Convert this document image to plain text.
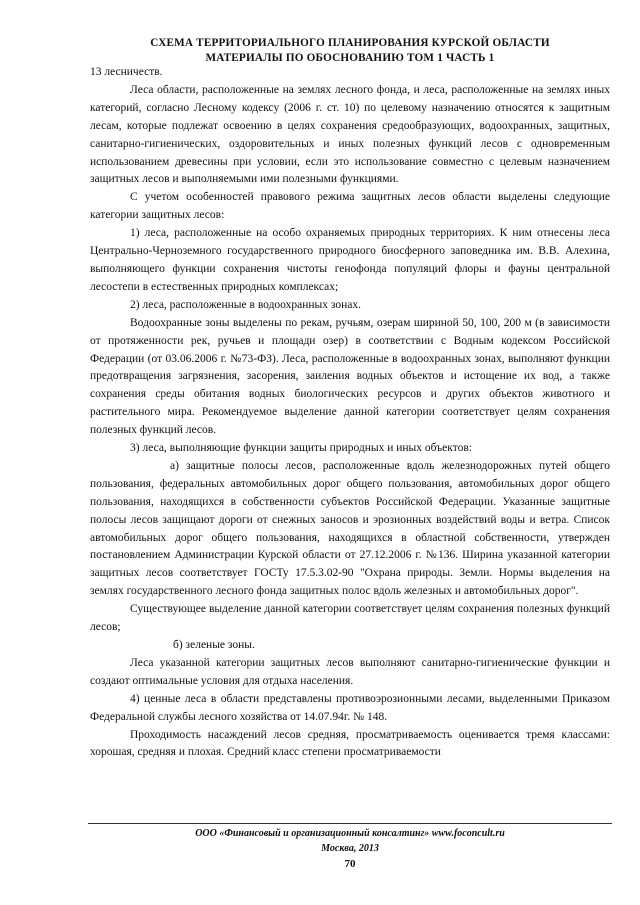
СХЕМА ТЕРРИТОРИАЛЬНОГО ПЛАНИРОВАНИЯ КУРСКОЙ ОБЛАСТИ
МАТЕРИАЛЫ ПО ОБОСНОВАНИЮ ТОМ 1 ЧАСТЬ 1

13 лесничеств.

Леса области, расположенные на землях лесного фонда, и леса, расположенные на землях иных категорий, согласно Лесному кодексу (2006 г. ст. 10) по целевому назначению относятся к защитным лесам, которые подлежат освоению в целях сохранения средообразующих, водоохранных, защитных, санитарно-гигиенических, оздоровительных и иных полезных функций лесов с одновременным использованием древесины при условии, если это использование совместно с целевым назначением защитных лесов и выполняемыми ими полезными функциями.

С учетом особенностей правового режима защитных лесов области выделены следующие категории защитных лесов:

1) леса, расположенные на особо охраняемых природных территориях. К ним отнесены леса Центрально-Черноземного государственного природного биосферного заповедника им. В.В. Алехина, выполняющего функции сохранения чистоты генофонда популяций флоры и фауны центральной лесостепи в естественных природных комплексах;

2) леса, расположенные в водоохранных зонах.

Водоохранные зоны выделены по рекам, ручьям, озерам шириной 50, 100, 200 м (в зависимости от протяженности рек, ручьев и площади озер) в соответствии с Водным кодексом Российской Федерации (от 03.06.2006 г. №73-ФЗ). Леса, расположенные в водоохранных зонах, выполняют функции предотвращения загрязнения, засорения, заиления водных объектов и истощение их вод, а также сохранения среды обитания водных биологических ресурсов и других объектов животного и растительного мира. Рекомендуемое выделение данной категории соответствует целям сохранения полезных функций лесов.

3) леса, выполняющие функции защиты природных и иных объектов:

а) защитные полосы лесов, расположенные вдоль железнодорожных путей общего пользования, федеральных автомобильных дорог общего пользования, автомобильных дорог общего пользования, находящихся в собственности субъектов Российской Федерации. Указанные защитные полосы лесов защищают дороги от снежных заносов и эрозионных воздействий воды и ветра. Список автомобильных дорог общего пользования, находящихся в областной собственности, утвержден постановлением Администрации Курской области от 27.12.2006 г. №136. Ширина указанной категории защитных лесов соответствует ГОСТу 17.5.3.02-90 "Охрана природы. Земли. Нормы выделения на землях государственного лесного фонда защитных полос вдоль железных и автомобильных дорог".

Существующее выделение данной категории соответствует целям сохранения полезных функций лесов;

б) зеленые зоны.

Леса указанной категории защитных лесов выполняют санитарно-гигиенические функции и создают оптимальные условия для отдыха населения.

4) ценные леса в области представлены противоэрозионными лесами, выделенными Приказом Федеральной службы лесного хозяйства от 14.07.94г. № 148.

Проходимость насаждений лесов средняя, просматриваемость оценивается тремя классами: хорошая, средняя и плохая. Средний класс степени просматриваемости

ООО «Финансовый и организационный консалтинг» www.foconcult.ru
Москва, 2013
70
